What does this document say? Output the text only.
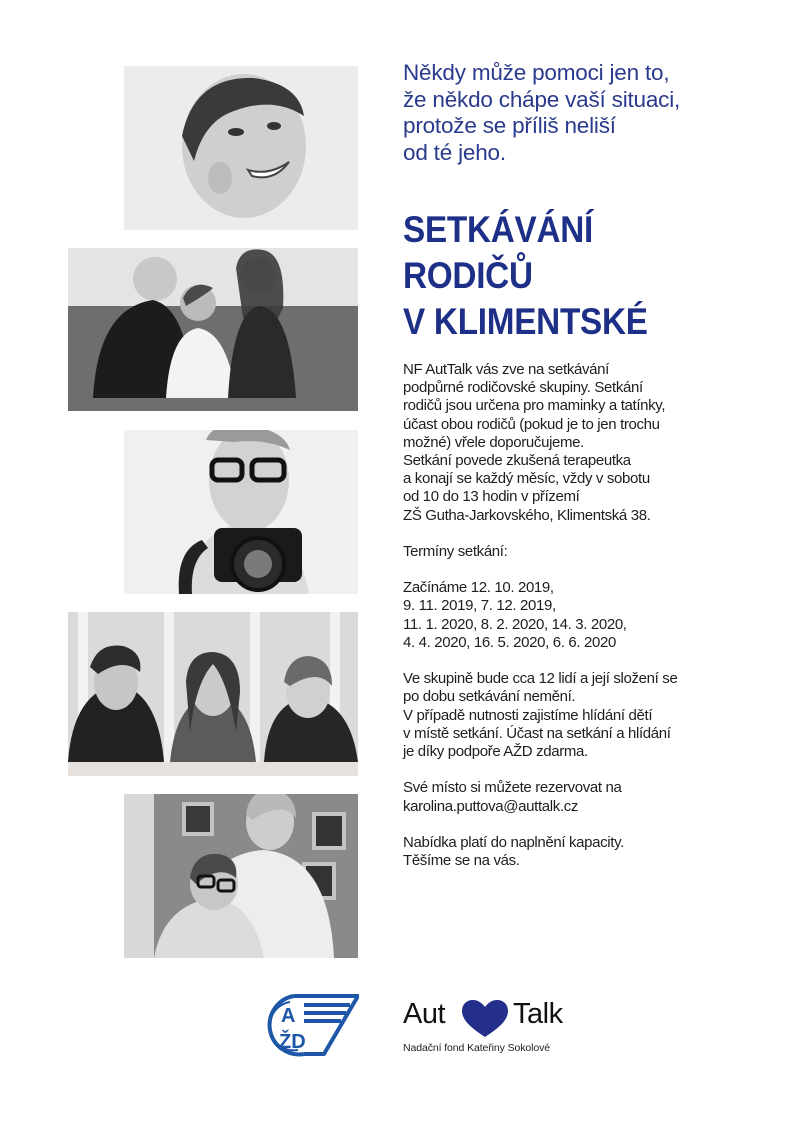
Někdy může pomoci jen to,
že někdo chápe vaší situaci,
protože se příliš neliší
od té jeho.
SETKÁVÁNÍ
RODIČŮ
V KLIMENTSKÉ
NF AutTalk vás zve na setkávání
podpůrné rodičovské skupiny. Setkání
rodičů jsou určena pro maminky a tatínky,
účast obou rodičů (pokud je to jen trochu
možné) vřele doporučujeme.
Setkání povede zkušená terapeutka
a konají se každý měsíc, vždy v sobotu
od 10 do 13 hodin v přízemí
ZŠ Gutha-Jarkovského, Klimentská 38.
Termíny setkání:
Začínáme 12. 10. 2019,
9. 11. 2019, 7. 12. 2019,
11. 1. 2020, 8. 2. 2020, 14. 3. 2020,
4. 4. 2020, 16. 5. 2020, 6. 6. 2020
Ve skupině bude cca 12 lidí a její složení se
po dobu setkávání nemění.
V případě nutnosti zajistíme hlídání dětí
v místě setkání. Účast na setkání a hlídání
je díky podpoře AŽD zdarma.
Své místo si můžete rezervovat na
karolina.puttova@auttalk.cz
Nabídka platí do naplnění kapacity.
Těšíme se na vás.
A
ŽD
Aut Talk
Nadační fond Kateřiny Sokolové
